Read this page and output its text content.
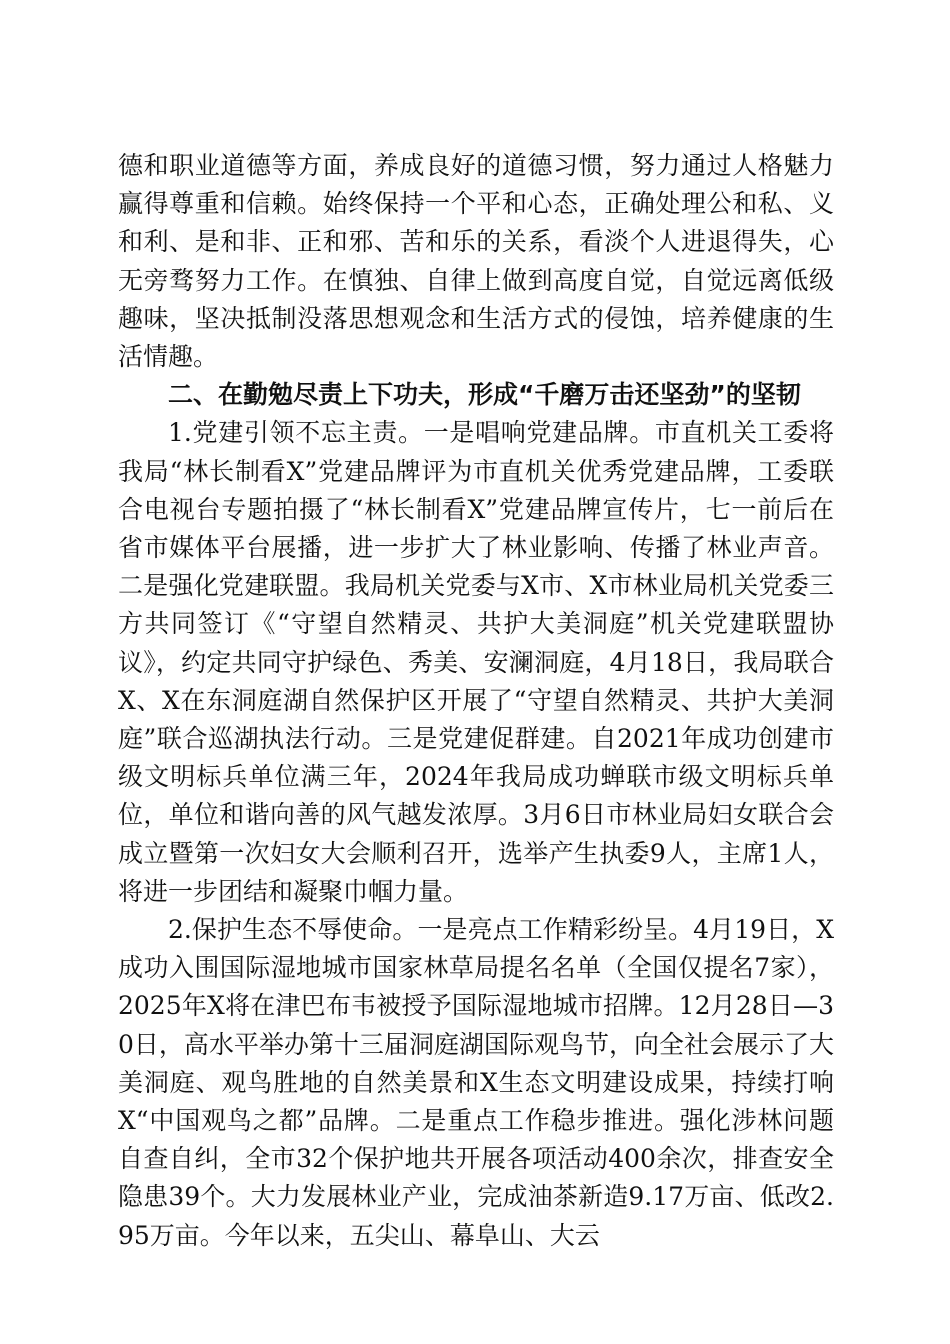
德和职业道德等方面，养成良好的道德习惯，努力通过人格魅力赢得尊重和信赖。始终保持一个平和心态，正确处理公和私、义和利、是和非、正和邪、苦和乐的关系，看淡个人进退得失，心无旁骛努力工作。在慎独、自律上做到高度自觉，自觉远离低级趣味，坚决抵制没落思想观念和生活方式的侵蚀，培养健康的生活情趣。

二、在勤勉尽责上下功夫，形成“千磨万击还坚劲”的坚韧

1.党建引领不忘主责。一是唱响党建品牌。市直机关工委将我局“林长制看X”党建品牌评为市直机关优秀党建品牌，工委联合电视台专题拍摄了“林长制看X”党建品牌宣传片，七一前后在省市媒体平台展播，进一步扩大了林业影响、传播了林业声音。二是强化党建联盟。我局机关党委与X市、X市林业局机关党委三方共同签订《“守望自然精灵、共护大美洞庭”机关党建联盟协议》，约定共同守护绿色、秀美、安澜洞庭，4月18日，我局联合X、X在东洞庭湖自然保护区开展了“守望自然精灵、共护大美洞庭”联合巡湖执法行动。三是党建促群建。自2021年成功创建市级文明标兵单位满三年，2024年我局成功蝉联市级文明标兵单位，单位和谐向善的风气越发浓厚。3月6日市林业局妇女联合会成立暨第一次妇女大会顺利召开，选举产生执委9人，主席1人，将进一步团结和凝聚巾帼力量。

2.保护生态不辱使命。一是亮点工作精彩纷呈。4月19日，X成功入围国际湿地城市国家林草局提名名单（全国仅提名7家），2025年X将在津巴布韦被授予国际湿地城市招牌。12月28日—30日，高水平举办第十三届洞庭湖国际观鸟节，向全社会展示了大美洞庭、观鸟胜地的自然美景和X生态文明建设成果，持续打响X“中国观鸟之都”品牌。二是重点工作稳步推进。强化涉林问题自查自纠，全市32个保护地共开展各项活动400余次，排查安全隐患39个。大力发展林业产业，完成油茶新造9.17万亩、低改2.95万亩。今年以来，五尖山、幕阜山、大云
